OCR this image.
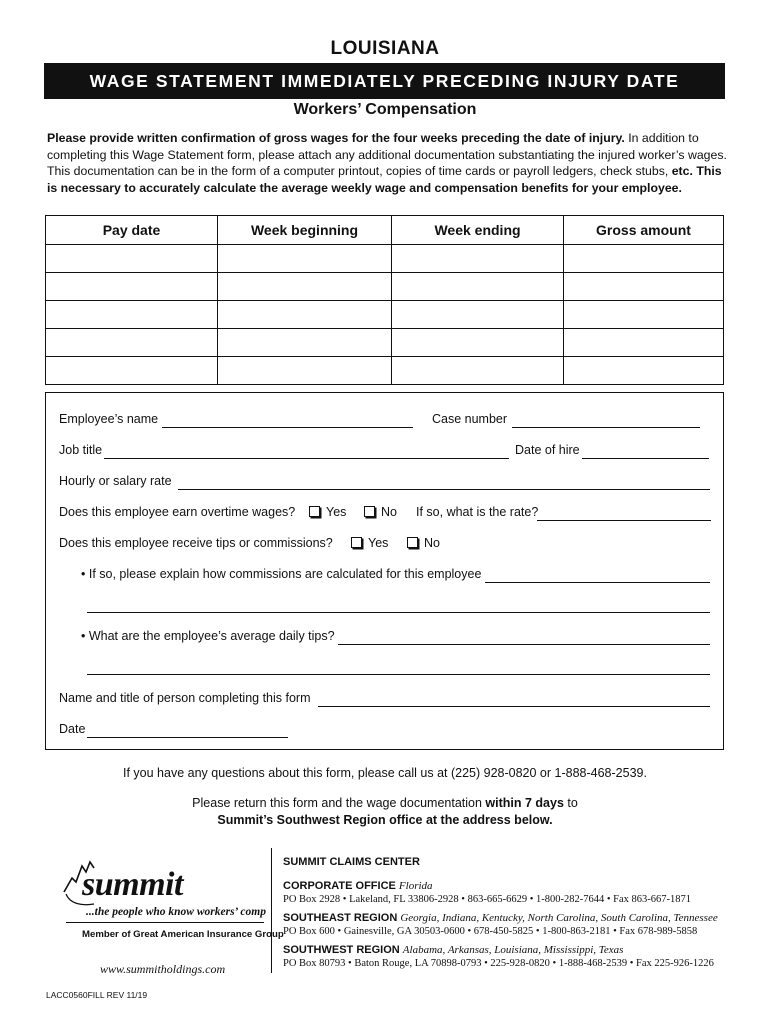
LOUISIANA
WAGE STATEMENT IMMEDIATELY PRECEDING INJURY DATE
Workers’ Compensation
Please provide written confirmation of gross wages for the four weeks preceding the date of injury. In addition to completing this Wage Statement form, please attach any additional documentation substantiating the injured worker’s wages. This documentation can be in the form of a computer printout, copies of time cards or payroll ledgers, check stubs, etc. This is necessary to accurately calculate the average weekly wage and compensation benefits for your employee.
Pay date	Week beginning	Week ending	Gross amount

Employee’s name	Case number
Job title	Date of hire
Hourly or salary rate
Does this employee earn overtime wages?	Yes	No If so, what is the rate?
Does this employee receive tips or commissions?	Yes	No
• If so, please explain how commissions are calculated for this employee
• What are the employee’s average daily tips?
Name and title of person completing this form
Date
If you have any questions about this form, please call us at (225) 928-0820 or 1-888-468-2539.
Please return this form and the wage documentation within 7 days to
Summit’s Southwest Region office at the address below.
summit
...the people who know workers’ comp
Member of Great American Insurance Group
www.summitholdings.com
SUMMIT CLAIMS CENTER
CORPORATE OFFICE Florida
PO Box 2928 • Lakeland, FL 33806-2928 • 863-665-6629 • 1-800-282-7644 • Fax 863-667-1871
SOUTHEAST REGION Georgia, Indiana, Kentucky, North Carolina, South Carolina, Tennessee
PO Box 600 • Gainesville, GA 30503-0600 • 678-450-5825 • 1-800-863-2181 • Fax 678-989-5858
SOUTHWEST REGION Alabama, Arkansas, Louisiana, Mississippi, Texas
PO Box 80793 • Baton Rouge, LA 70898-0793 • 225-928-0820 • 1-888-468-2539 • Fax 225-926-1226
LACC0560FILL REV 11/19
